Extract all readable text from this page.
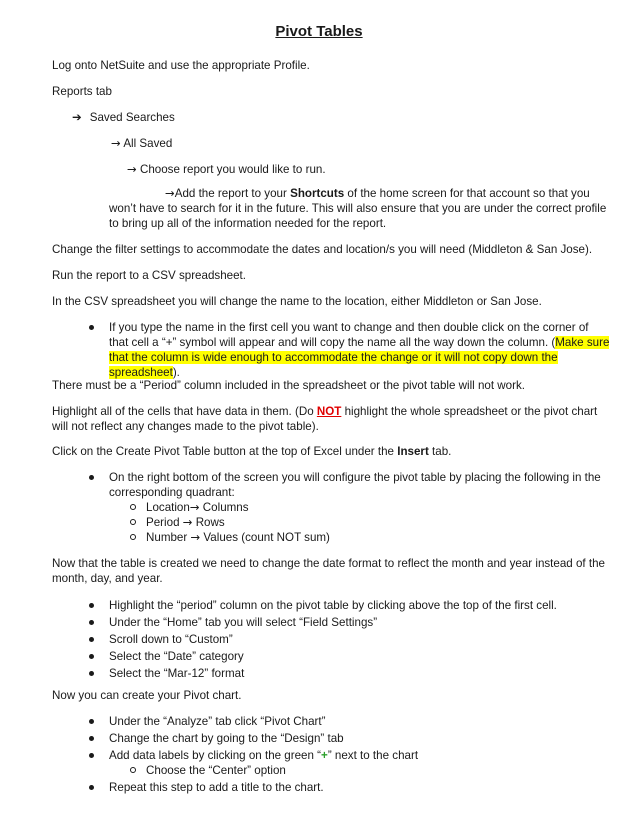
Pivot Tables

Log onto NetSuite and use the appropriate Profile.

Reports tab

➔ Saved Searches

→ All Saved

→ Choose report you would like to run.

→Add the report to your Shortcuts of the home screen for that account so that you won’t have to search for it in the future. This will also ensure that you are under the correct profile to bring up all of the information needed for the report.

Change the filter settings to accommodate the dates and location/s you will need (Middleton & San Jose).

Run the report to a CSV spreadsheet.

In the CSV spreadsheet you will change the name to the location, either Middleton or San Jose.

If you type the name in the first cell you want to change and then double click on the corner of that cell a “+” symbol will appear and will copy the name all the way down the column. (Make sure that the column is wide enough to accommodate the change or it will not copy down the spreadsheet).

There must be a “Period” column included in the spreadsheet or the pivot table will not work.

Highlight all of the cells that have data in them. (Do NOT highlight the whole spreadsheet or the pivot chart will not reflect any changes made to the pivot table).

Click on the Create Pivot Table button at the top of Excel under the Insert tab.

On the right bottom of the screen you will configure the pivot table by placing the following in the corresponding quadrant:
Location→ Columns
Period → Rows
Number → Values (count NOT sum)

Now that the table is created we need to change the date format to reflect the month and year instead of the month, day, and year.

Highlight the “period” column on the pivot table by clicking above the top of the first cell.
Under the “Home” tab you will select “Field Settings”
Scroll down to “Custom”
Select the “Date” category
Select the “Mar-12” format

Now you can create your Pivot chart.

Under the “Analyze” tab click “Pivot Chart”
Change the chart by going to the “Design” tab
Add data labels by clicking on the green “+” next to the chart
Choose the “Center” option
Repeat this step to add a title to the chart.
